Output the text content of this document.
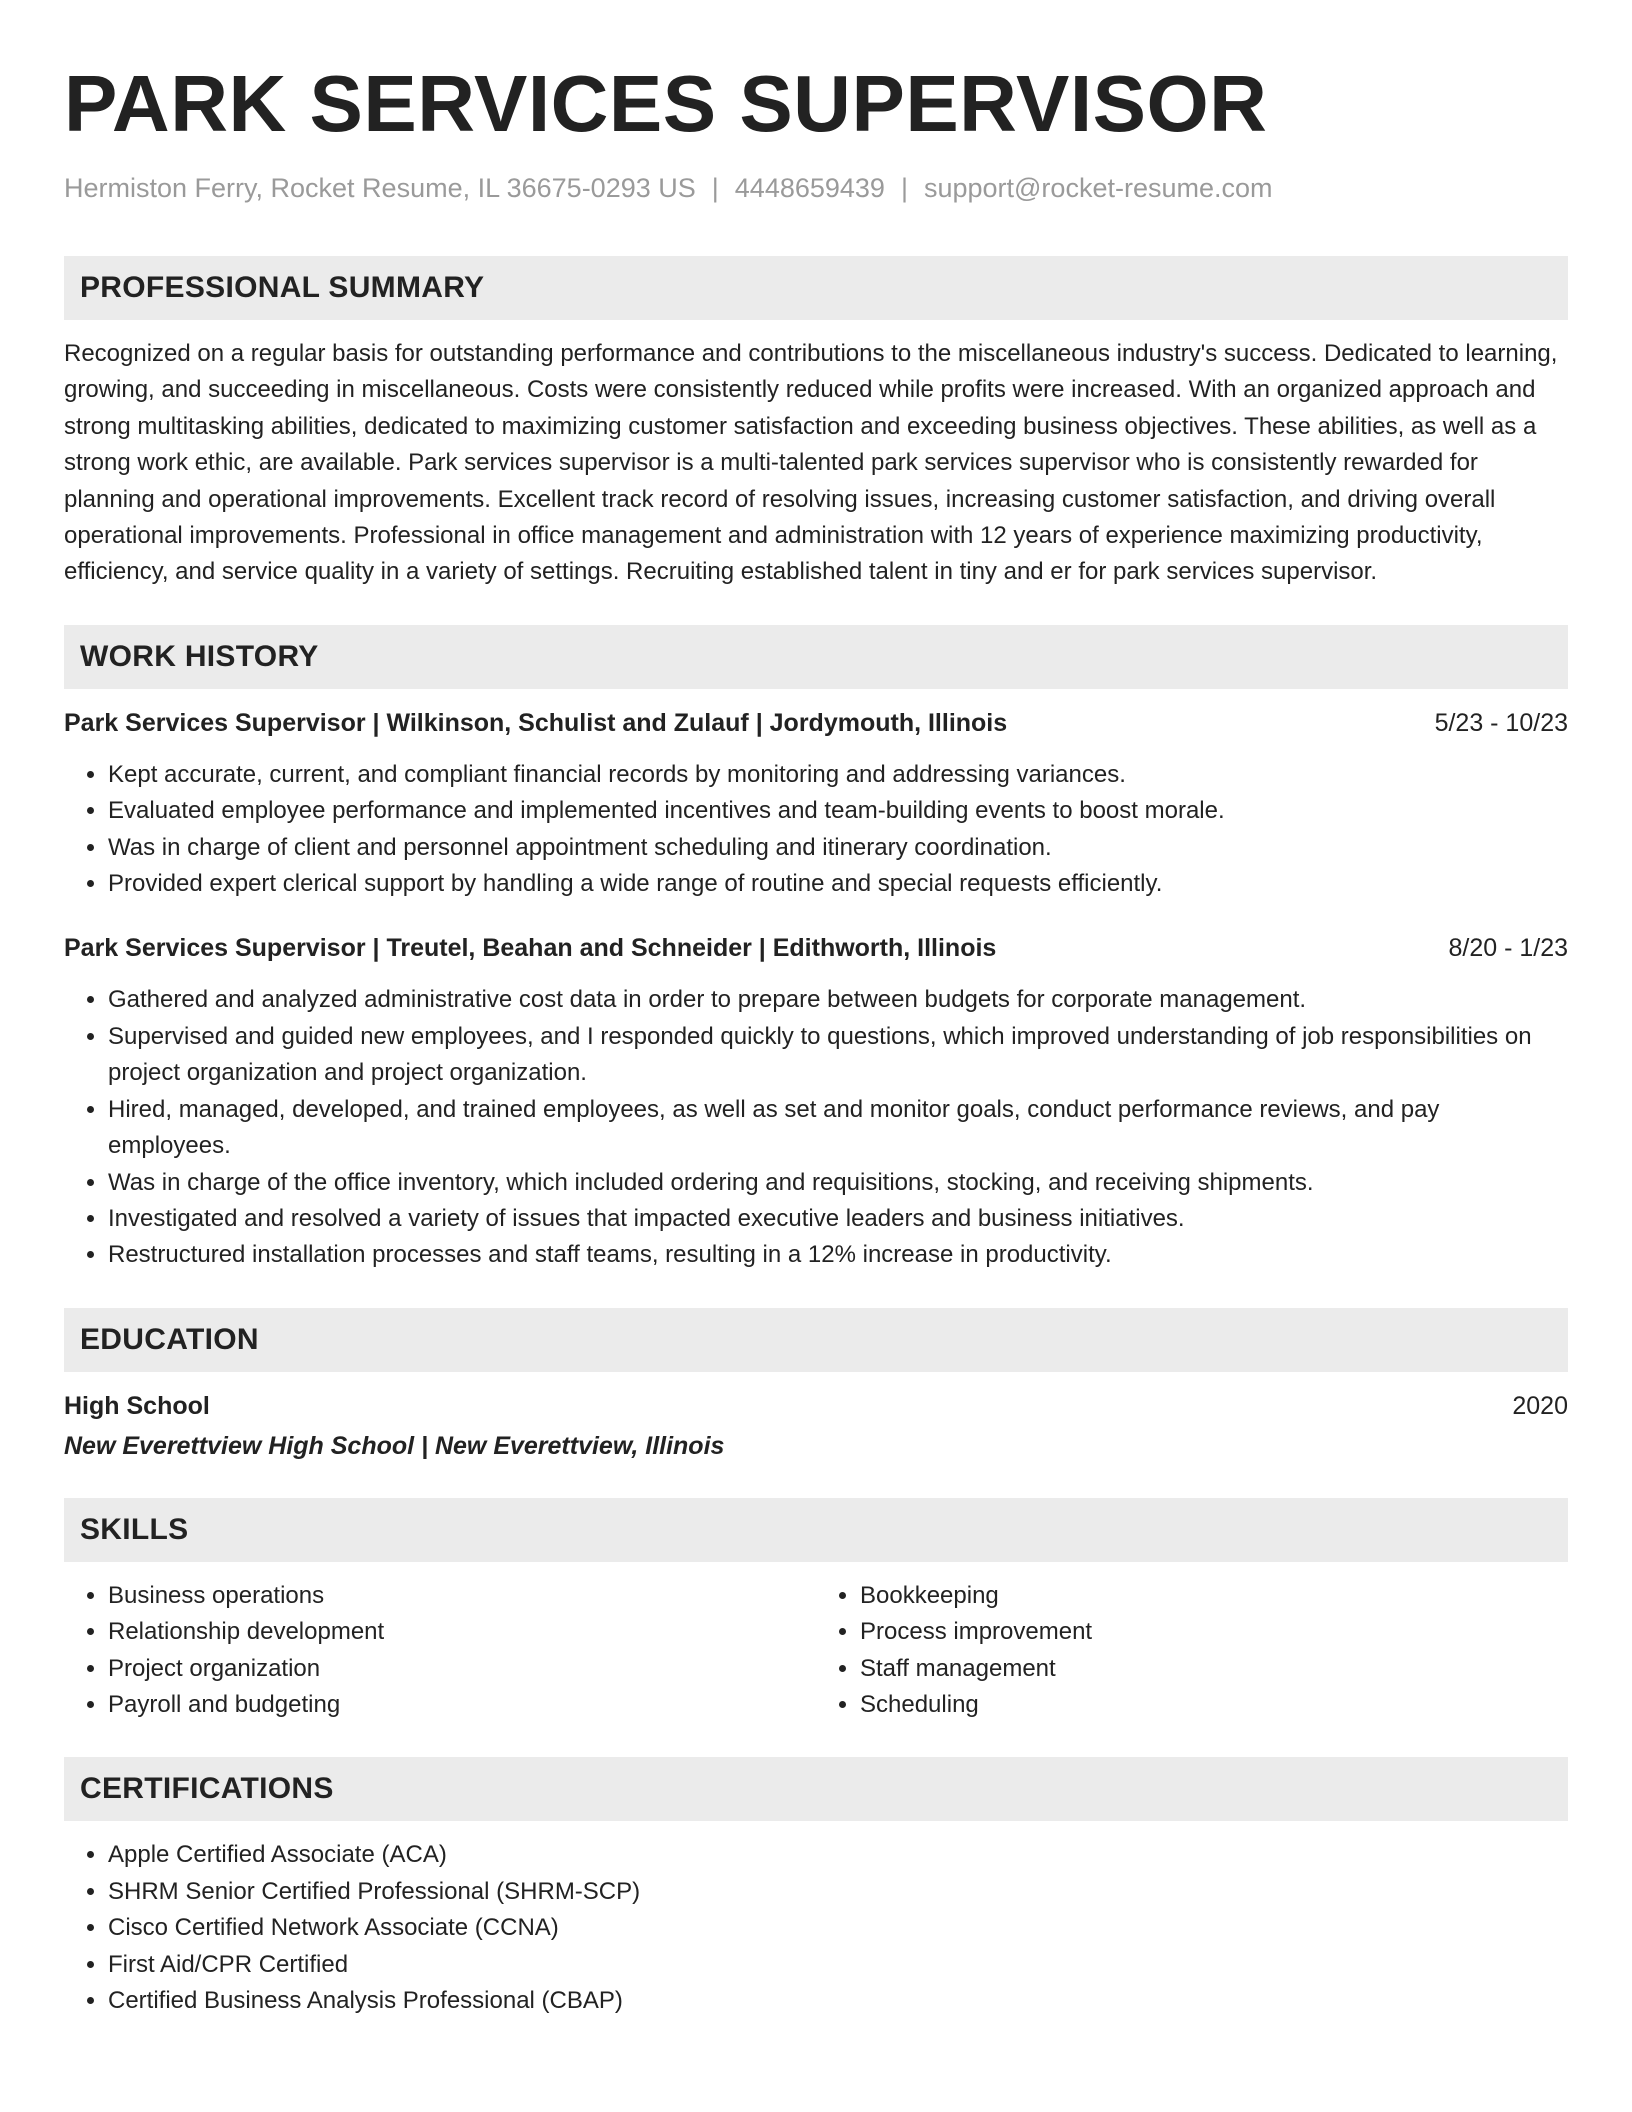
PARK SERVICES SUPERVISOR
Hermiston Ferry, Rocket Resume, IL 36675-0293 US | 4448659439 | support@rocket-resume.com
PROFESSIONAL SUMMARY

Recognized on a regular basis for outstanding performance and contributions to the miscellaneous industry's success. Dedicated to learning, growing, and succeeding in miscellaneous. Costs were consistently reduced while profits were increased. With an organized approach and strong multitasking abilities, dedicated to maximizing customer satisfaction and exceeding business objectives. These abilities, as well as a strong work ethic, are available. Park services supervisor is a multi-talented park services supervisor who is consistently rewarded for planning and operational improvements. Excellent track record of resolving issues, increasing customer satisfaction, and driving overall operational improvements. Professional in office management and administration with 12 years of experience maximizing productivity, efficiency, and service quality in a variety of settings. Recruiting established talent in tiny and er for park services supervisor.

WORK HISTORY
Park Services Supervisor | Wilkinson, Schulist and Zulauf | Jordymouth, Illinois	5/23 - 10/23
• Kept accurate, current, and compliant financial records by monitoring and addressing variances.
• Evaluated employee performance and implemented incentives and team-building events to boost morale.
• Was in charge of client and personnel appointment scheduling and itinerary coordination.
• Provided expert clerical support by handling a wide range of routine and special requests efficiently.
Park Services Supervisor | Treutel, Beahan and Schneider | Edithworth, Illinois	8/20 - 1/23
• Gathered and analyzed administrative cost data in order to prepare between budgets for corporate management.
• Supervised and guided new employees, and I responded quickly to questions, which improved understanding of job responsibilities on project organization and project organization.
• Hired, managed, developed, and trained employees, as well as set and monitor goals, conduct performance reviews, and pay employees.
• Was in charge of the office inventory, which included ordering and requisitions, stocking, and receiving shipments.
• Investigated and resolved a variety of issues that impacted executive leaders and business initiatives.
• Restructured installation processes and staff teams, resulting in a 12% increase in productivity.
EDUCATION
High School	2020
New Everettview High School | New Everettview, Illinois
SKILLS
• Business operations
• Relationship development
• Project organization
• Payroll and budgeting
• Bookkeeping
• Process improvement
• Staff management
• Scheduling
CERTIFICATIONS
• Apple Certified Associate (ACA)
• SHRM Senior Certified Professional (SHRM-SCP)
• Cisco Certified Network Associate (CCNA)
• First Aid/CPR Certified
• Certified Business Analysis Professional (CBAP)
